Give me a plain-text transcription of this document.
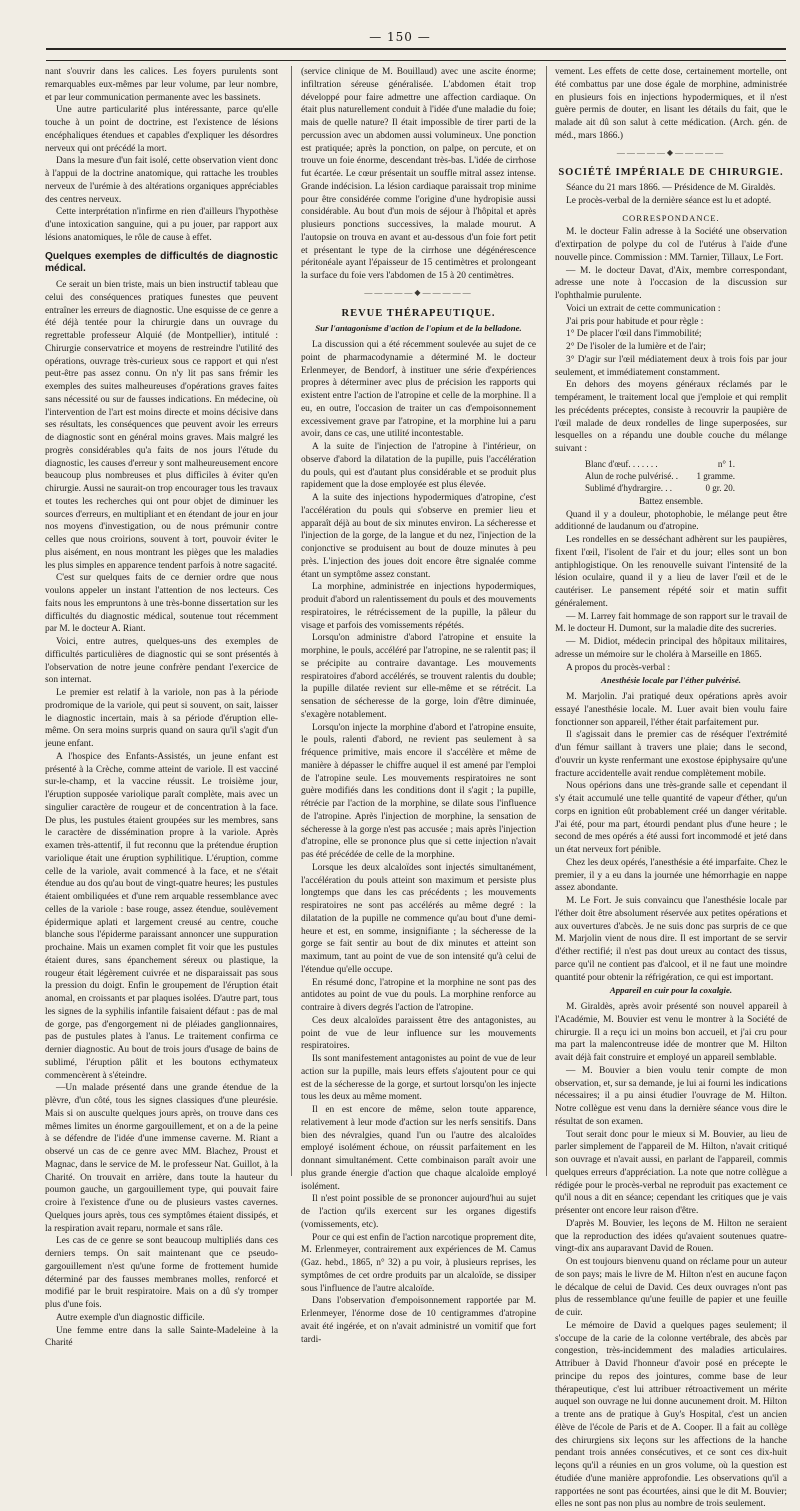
— 150 —

nant s'ouvrir dans les calices. Les foyers purulents sont remarquables eux-mêmes par leur volume, par leur nombre, et par leur communication permanente avec les bassinets.

Une autre particularité plus intéressante, parce qu'elle touche à un point de doctrine, est l'existence de lésions encéphaliques étendues et capables d'expliquer les désordres nerveux qui ont précédé la mort.

Dans la mesure d'un fait isolé, cette observation vient donc à l'appui de la doctrine anatomique, qui rattache les troubles nerveux de l'urémie à des altérations organiques appréciables des centres nerveux.

Cette interprétation n'infirme en rien d'ailleurs l'hypothèse d'une intoxication sanguine, qui a pu jouer, par rapport aux lésions anatomiques, le rôle de cause à effet.

Quelques exemples de difficultés de diagnostic médical.

Ce serait un bien triste, mais un bien instructif tableau que celui des conséquences pratiques funestes que peuvent entraîner les erreurs de diagnostic. Une esquisse de ce genre a été déjà tentée pour la chirurgie dans un ouvrage du regrettable professeur Alquié (de Montpellier), intitulé : Chirurgie conservatrice et moyens de restreindre l'utilité des opérations, ouvrage très-curieux sous ce rapport et qui n'est peut-être pas assez connu. On n'y lit pas sans frémir les exemples des suites malheureuses d'opérations graves faites sans nécessité ou sur de fausses indications. En médecine, où l'intervention de l'art est moins directe et moins décisive dans ses résultats, les conséquences que peuvent avoir les erreurs de diagnostic sont en général moins graves. Mais malgré les progrès considérables qu'a faits de nos jours l'étude du diagnostic, les causes d'erreur y sont malheureusement encore beaucoup plus nombreuses et plus difficiles à éviter qu'en chirurgie. Aussi ne saurait-on trop encourager tous les travaux et toutes les recherches qui ont pour objet de diminuer les sources d'erreurs, en multipliant et en étendant de jour en jour nos moyens d'investigation, ou de nous prémunir contre celles que nous croirions, souvent à tort, pouvoir éviter le plus aisément, en nous montrant les pièges que les maladies les plus simples en apparence tendent parfois à notre sagacité.

C'est sur quelques faits de ce dernier ordre que nous voulons appeler un instant l'attention de nos lecteurs. Ces faits nous les empruntons à une très-bonne dissertation sur les difficultés du diagnostic médical, soutenue tout récemment par M. le docteur A. Riant.

Voici, entre autres, quelques-uns des exemples de difficultés particulières de diagnostic qui se sont présentés à l'observation de notre jeune confrère pendant l'exercice de son internat.

Le premier est relatif à la variole, non pas à la période prodromique de la variole, qui peut si souvent, on sait, laisser le diagnostic incertain, mais à sa période d'éruption elle-même. On sera moins surpris quand on saura qu'il s'agit d'un jeune enfant.

A l'hospice des Enfants-Assistés, un jeune enfant est présenté à la Crèche, comme atteint de variole. Il est vacciné sur-le-champ, et la vaccine réussit. Le troisième jour, l'éruption supposée variolique paraît complète, mais avec un singulier caractère de rougeur et de concentration à la face. De plus, les pustules étaient groupées sur les membres, sans le caractère de dissémination propre à la variole. Après examen très-attentif, il fut reconnu que la prétendue éruption variolique était une éruption syphilitique. L'éruption, comme celle de la variole, avait commencé à la face, et ne s'était étendue au dos qu'au bout de vingt-quatre heures; les pustules étaient ombiliquées et d'une rem arquable ressemblance avec celles de la variole : base rouge, assez étendue, soulèvement épidermique aplati et largement creusé au centre, couche blanche sous l'épiderme paraissant annoncer une suppuration prochaine. Mais un examen complet fit voir que les pustules étaient dures, sans épanchement séreux ou plastique, la rougeur était légèrement cuivrée et ne disparaissait pas sous la pression du doigt. Enfin le groupement de l'éruption était anomal, en croissants et par plaques isolées. D'autre part, tous les signes de la syphilis infantile faisaient défaut : pas de mal de gorge, pas d'engorgement ni de pléiades ganglionnaires, pas de pustules plates à l'anus. Le traitement confirma ce dernier diagnostic. Au bout de trois jours d'usage de bains de sublimé, l'éruption pâlit et les boutons ecthymateux commencèrent à s'éteindre.

—Un malade présenté dans une grande étendue de la plèvre, d'un côté, tous les signes classiques d'une pleurésie. Mais si on ausculte quelques jours après, on trouve dans ces mêmes limites un énorme gargouillement, et on a de la peine à se défendre de l'idée d'une immense caverne. M. Riant a observé un cas de ce genre avec MM. Blachez, Proust et Magnac, dans le service de M. le professeur Nat. Guillot, à la Charité. On trouvait en arrière, dans toute la hauteur du poumon gauche, un gargouillement type, qui pouvait faire croire à l'existence d'une ou de plusieurs vastes cavernes. Quelques jours après, tous ces symptômes étaient dissipés, et la respiration avait reparu, normale et sans râle.

Les cas de ce genre se sont beaucoup multipliés dans ces derniers temps. On sait maintenant que ce pseudo-gargouillement n'est qu'une forme de frottement humide déterminé par des fausses membranes molles, renforcé et modifié par le bruit respiratoire. Mais on a dû s'y tromper plus d'une fois.

Autre exemple d'un diagnostic difficile.

Une femme entre dans la salle Sainte-Madeleine à la Charité

(service clinique de M. Bouillaud) avec une ascite énorme; infiltration séreuse généralisée. L'abdomen était trop développé pour faire admettre une affection cardiaque. On était plus naturellement conduit à l'idée d'une maladie du foie; mais de quelle nature? Il était impossible de tirer parti de la percussion avec un abdomen aussi volumineux. Une ponction est pratiquée; après la ponction, on palpe, on percute, et on trouve un foie énorme, descendant très-bas. L'idée de cirrhose fut écartée. Le cœur présentait un souffle mitral assez intense. Grande indécision. La lésion cardiaque paraissait trop minime pour être considérée comme l'origine d'une hydropisie aussi considérable. Au bout d'un mois de séjour à l'hôpital et après plusieurs ponctions successives, la malade mourut. A l'autopsie on trouva en avant et au-dessous d'un foie fort petit et présentant le type de la cirrhose une dégénérescence péritonéale ayant l'épaisseur de 15 centimètres et prolongeant la surface du foie vers l'abdomen de 15 à 20 centimètres.

—————◆—————
REVUE THÉRAPEUTIQUE.
Sur l'antagonisme d'action de l'opium et de la belladone.

La discussion qui a été récemment soulevée au sujet de ce point de pharmacodynamie a déterminé M. le docteur Erlenmeyer, de Bendorf, à instituer une série d'expériences propres à déterminer avec plus de précision les rapports qui existent entre l'action de l'atropine et celle de la morphine. Il a eu, en outre, l'occasion de traiter un cas d'empoisonnement excessivement grave par l'atropine, et la morphine lui a paru avoir, dans ce cas, une utilité incontestable.

A la suite de l'injection de l'atropine à l'intérieur, on observe d'abord la dilatation de la pupille, puis l'accélération du pouls, qui est d'autant plus considérable et se produit plus rapidement que la dose employée est plus élevée.

A la suite des injections hypodermiques d'atropine, c'est l'accélération du pouls qui s'observe en premier lieu et apparaît déjà au bout de six minutes environ. La sécheresse et l'injection de la gorge, de la langue et du nez, l'injection de la conjonctive se produisent au bout de douze minutes à peu près. L'injection des joues doit encore être signalée comme étant un symptôme assez constant.

La morphine, administrée en injections hypodermiques, produit d'abord un ralentissement du pouls et des mouvements respiratoires, le rétrécissement de la pupille, la pâleur du visage et parfois des vomissements répétés.

Lorsqu'on administre d'abord l'atropine et ensuite la morphine, le pouls, accéléré par l'atropine, ne se ralentit pas; il se précipite au contraire davantage. Les mouvements respiratoires d'abord accélérés, se trouvent ralentis du double; la pupille dilatée revient sur elle-même et se rétrécit. La sensation de sécheresse de la gorge, loin d'être diminuée, s'exagère notablement.

Lorsqu'on injecte la morphine d'abord et l'atropine ensuite, le pouls, ralenti d'abord, ne revient pas seulement à sa fréquence primitive, mais encore il s'accélère et même de manière à dépasser le chiffre auquel il est amené par l'emploi de l'atropine seule. Les mouvements respiratoires ne sont guère modifiés dans les conditions dont il s'agit ; la pupille, rétrécie par l'action de la morphine, se dilate sous l'influence de l'atropine. Après l'injection de morphine, la sensation de sécheresse à la gorge n'est pas accusée ; mais après l'injection d'atropine, elle se prononce plus que si cette injection n'avait pas été précédée de celle de la morphine.

Lorsque les deux alcaloïdes sont injectés simultanément, l'accélération du pouls atteint son maximum et persiste plus longtemps que dans les cas précédents ; les mouvements respiratoires ne sont pas accélérés au même degré : la dilatation de la pupille ne commence qu'au bout d'une demi-heure et est, en somme, insignifiante ; la sécheresse de la gorge se fait sentir au bout de dix minutes et atteint son maximum, tant au point de vue de son intensité qu'à celui de l'étendue qu'elle occupe.

En résumé donc, l'atropine et la morphine ne sont pas des antidotes au point de vue du pouls. La morphine renforce au contraire à divers degrés l'action de l'atropine.

Ces deux alcaloïdes paraissent être des antagonistes, au point de vue de leur influence sur les mouvements respiratoires.

Ils sont manifestement antagonistes au point de vue de leur action sur la pupille, mais leurs effets s'ajoutent pour ce qui est de la sécheresse de la gorge, et surtout lorsqu'on les injecte tous les deux au même moment.

Il en est encore de même, selon toute apparence, relativement à leur mode d'action sur les nerfs sensitifs. Dans bien des névralgies, quand l'un ou l'autre des alcaloïdes employé isolément échoue, on réussit parfaitement en les donnant simultanément. Cette combinaison paraît avoir une plus grande énergie d'action que chaque alcaloïde employé isolément.

Il n'est point possible de se prononcer aujourd'hui au sujet de l'action qu'ils exercent sur les organes digestifs (vomissements, etc).

Pour ce qui est enfin de l'action narcotique proprement dite, M. Erlenmeyer, contrairement aux expériences de M. Camus (Gaz. hebd., 1865, n° 32) a pu voir, à plusieurs reprises, les symptômes de cet ordre produits par un alcaloïde, se dissiper sous l'influence de l'autre alcaloïde.

Dans l'observation d'empoisonnement rapportée par M. Erlenmeyer, l'énorme dose de 10 centigrammes d'atropine avait été ingérée, et on n'avait administré un vomitif que fort tardi-

vement. Les effets de cette dose, certainement mortelle, ont été combattus par une dose égale de morphine, administrée en plusieurs fois en injections hypodermiques, et il n'est guère permis de douter, en lisant les détails du fait, que le malade ait dû son salut à cette médication. (Arch. gén. de méd., mars 1866.)

—————◆—————
SOCIÉTÉ IMPÉRIALE DE CHIRURGIE.

Séance du 21 mars 1866. — Présidence de M. Giraldès.

Le procès-verbal de la dernière séance est lu et adopté.

CORRESPONDANCE.

M. le docteur Falin adresse à la Société une observation d'extirpation de polype du col de l'utérus à l'aide d'une nouvelle pince. Commission : MM. Tarnier, Tillaux, Le Fort.

— M. le docteur Davat, d'Aix, membre correspondant, adresse une note à l'occasion de la discussion sur l'ophthalmie purulente.

Voici un extrait de cette communication :

J'ai pris pour habitude et pour règle :

1° De placer l'œil dans l'immobilité;

2° De l'isoler de la lumière et de l'air;

3° D'agir sur l'œil médiatement deux à trois fois par jour seulement, et immédiatement constamment.

En dehors des moyens généraux réclamés par le tempérament, le traitement local que j'emploie et qui remplit les précédents préceptes, consiste à recouvrir la paupière de l'œil malade de deux rondelles de linge superposées, sur lesquelles on a répandu une double couche du mélange suivant :

Blanc d'œuf. . . . . . .	n° 1.
Alun de roche pulvérisé. . 1 gramme.
Sublimé d'hydrargire. . .	0 gr. 20.

Battez ensemble.

Quand il y a douleur, photophobie, le mélange peut être additionné de laudanum ou d'atropine.

Les rondelles en se desséchant adhèrent sur les paupières, fixent l'œil, l'isolent de l'air et du jour; elles sont un bon antiphlogistique. On les renouvelle suivant l'intensité de la lésion oculaire, quand il y a lieu de laver l'œil et de le cautériser. Le pansement répété soir et matin suffit généralement.

— M. Larrey fait hommage de son rapport sur le travail de M. le docteur H. Dumont, sur la maladie dite des sucreries.

— M. Didiot, médecin principal des hôpitaux militaires, adresse un mémoire sur le choléra à Marseille en 1865.

A propos du procès-verbal :

Anesthésie locale par l'éther pulvérisé.

M. Marjolin. J'ai pratiqué deux opérations après avoir essayé l'anesthésie locale. M. Luer avait bien voulu faire fonctionner son appareil, l'éther était parfaitement pur.

Il s'agissait dans le premier cas de réséquer l'extrémité d'un fémur saillant à travers une plaie; dans le second, d'ouvrir un kyste renfermant une exostose épiphysaire qu'une fracture accidentelle avait rendue complètement mobile.

Nous opérions dans une très-grande salle et cependant il s'y était accumulé une telle quantité de vapeur d'éther, qu'un corps en ignition eût probablement créé un danger véritable. J'ai été, pour ma part, étourdi pendant plus d'une heure ; le second de mes opérés a été aussi fort incommodé et jeté dans un état nerveux fort pénible.

Chez les deux opérés, l'anesthésie a été imparfaite. Chez le premier, il y a eu dans la journée une hémorrhagie en nappe assez abondante.

M. Le Fort. Je suis convaincu que l'anesthésie locale par l'éther doit être absolument réservée aux petites opérations et aux ouvertures d'abcès. Je ne suis donc pas surpris de ce que M. Marjolin vient de nous dire. Il est important de se servir d'éther rectifié; il n'est pas dout ureux au contact des tissus, parce qu'il ne contient pas d'alcool, et il ne faut une moindre quantité pour obtenir la réfrigération, ce qui est important.

Appareil en cuir pour la coxalgie.

M. Giraldès, après avoir présenté son nouvel appareil à l'Académie, M. Bouvier est venu le montrer à la Société de chirurgie. Il a reçu ici un moins bon accueil, et j'ai cru pour ma part la malencontreuse idée de montrer que M. Hilton avait déjà fait construire et employé un appareil semblable.

— M. Bouvier a bien voulu tenir compte de mon observation, et, sur sa demande, je lui ai fourni les indications nécessaires; il a pu ainsi étudier l'ouvrage de M. Hilton. Notre collègue est venu dans la dernière séance vous dire le résultat de son examen.

Tout serait donc pour le mieux si M. Bouvier, au lieu de parler simplement de l'appareil de M. Hilton, n'avait critiqué son ouvrage et n'avait aussi, en parlant de l'appareil, commis quelques erreurs d'appréciation. La note que notre collègue a rédigée pour le procès-verbal ne reproduit pas exactement ce qu'il nous a dit en séance; cependant les critiques que je vais présenter ont encore leur raison d'être.

D'après M. Bouvier, les leçons de M. Hilton ne seraient que la reproduction des idées qu'avaient soutenues quatre-vingt-dix ans auparavant David de Rouen.

On est toujours bienvenu quand on réclame pour un auteur de son pays; mais le livre de M. Hilton n'est en aucune façon le décalque de celui de David. Ces deux ouvrages n'ont pas plus de ressemblance qu'une feuille de papier et une feuille de cuir.

Le mémoire de David a quelques pages seulement; il s'occupe de la carie de la colonne vertébrale, des abcès par congestion, très-incidemment des maladies articulaires. Attribuer à David l'honneur d'avoir posé en précepte le principe du repos des jointures, comme base de leur thérapeutique, c'est lui attribuer rétroactivement un mérite auquel son ouvrage ne lui donne aucunement droit. M. Hilton a trente ans de pratique à Guy's Hospital, c'est un ancien élève de l'école de Paris et de A. Cooper. Il a fait au collège des chirurgiens six leçons sur les affections de la hanche pendant trois années consécutives, et ce sont ces dix-huit leçons qu'il a réunies en un gros volume, où la question est étudiée d'une manière approfondie. Les observations qu'il a rapportées ne sont pas écourtées, ainsi que le dit M. Bouvier; elles ne sont pas non plus au nombre de trois seulement.
